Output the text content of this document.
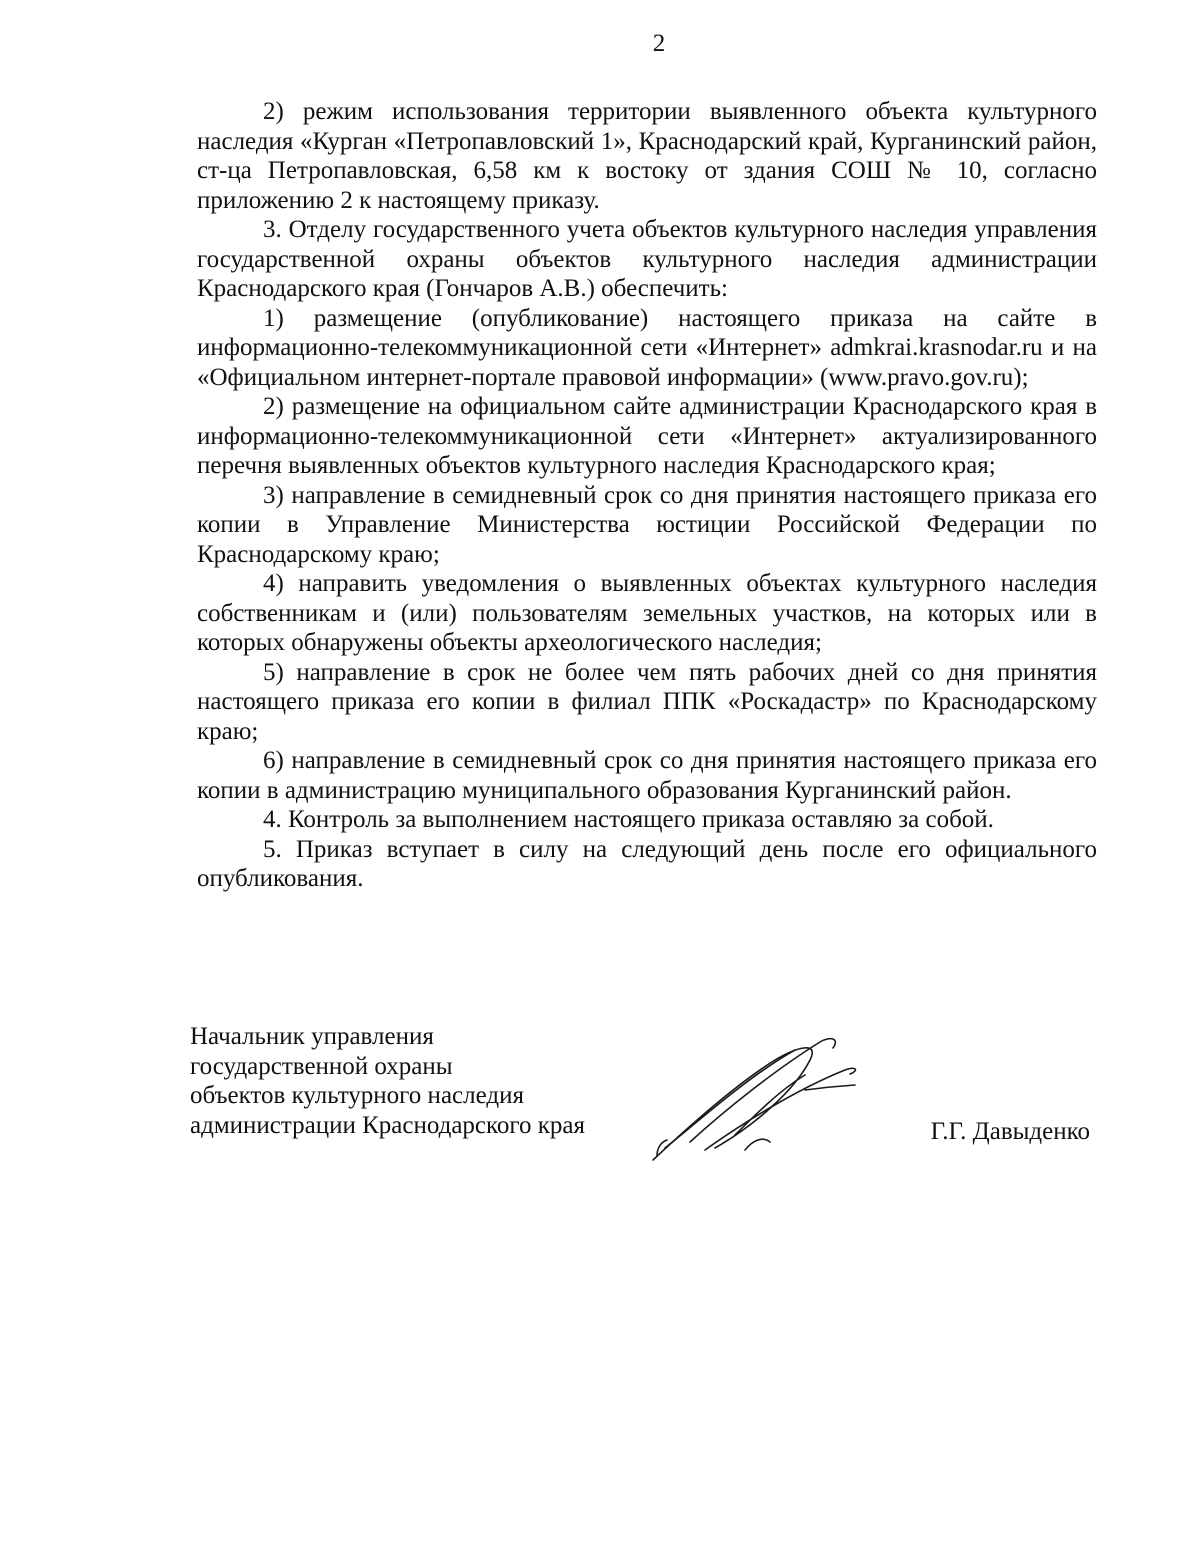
2

2) режим использования территории выявленного объекта культурного наследия «Курган «Петропавловский 1», Краснодарский край, Курганинский район, ст-ца Петропавловская, 6,58 км к востоку от здания СОШ № 10, согласно приложению 2 к настоящему приказу.

3. Отделу государственного учета объектов культурного наследия управления государственной охраны объектов культурного наследия администрации Краснодарского края (Гончаров А.В.) обеспечить:

1) размещение (опубликование) настоящего приказа на сайте в информационно-телекоммуникационной сети «Интернет» admkrai.krasnodar.ru и на «Официальном интернет-портале правовой информации» (www.pravo.gov.ru);

2) размещение на официальном сайте администрации Краснодарского края в информационно-телекоммуникационной сети «Интернет» актуализированного перечня выявленных объектов культурного наследия Краснодарского края;

3) направление в семидневный срок со дня принятия настоящего приказа его копии в Управление Министерства юстиции Российской Федерации по Краснодарскому краю;

4) направить уведомления о выявленных объектах культурного наследия собственникам и (или) пользователям земельных участков, на которых или в которых обнаружены объекты археологического наследия;

5) направление в срок не более чем пять рабочих дней со дня принятия настоящего приказа его копии в филиал ППК «Роскадастр» по Краснодарскому краю;

6) направление в семидневный срок со дня принятия настоящего приказа его копии в администрацию муниципального образования Курганинский район.

4. Контроль за выполнением настоящего приказа оставляю за собой.

5. Приказ вступает в силу на следующий день после его официального опубликования.

Начальник управления
государственной охраны
объектов культурного наследия
администрации Краснодарского края	Г.Г. Давыденко
